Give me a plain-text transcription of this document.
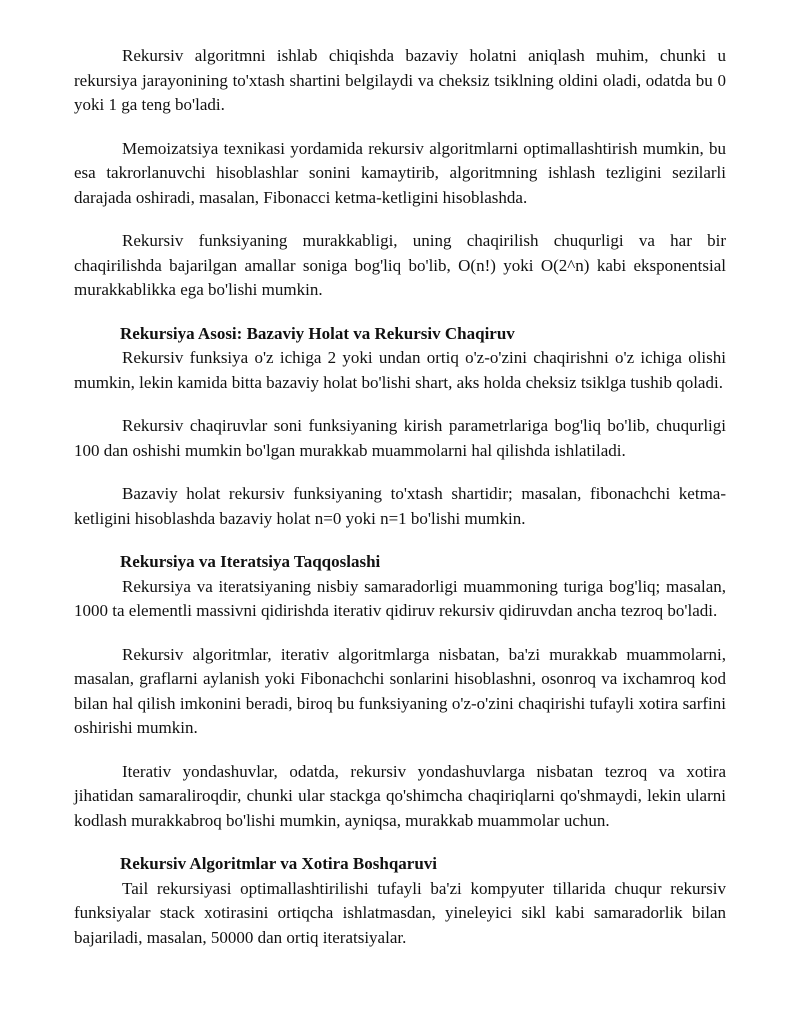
Rekursiv algoritmni ishlab chiqishda bazaviy holatni aniqlash muhim, chunki u rekursiya jarayonining to'xtash shartini belgilaydi va cheksiz tsiklning oldini oladi, odatda bu 0 yoki 1 ga teng bo'ladi.

Memoizatsiya texnikasi yordamida rekursiv algoritmlarni optimallashtirish mumkin, bu esa takrorlanuvchi hisoblashlar sonini kamaytirib, algoritmning ishlash tezligini sezilarli darajada oshiradi, masalan, Fibonacci ketma-ketligini hisoblashda.

Rekursiv funksiyaning murakkabligi, uning chaqirilish chuqurligi va har bir chaqirilishda bajarilgan amallar soniga bog'liq bo'lib, O(n!) yoki O(2^n) kabi eksponentsial murakkablikka ega bo'lishi mumkin.

Rekursiya Asosi: Bazaviy Holat va Rekursiv Chaqiruv

Rekursiv funksiya o'z ichiga 2 yoki undan ortiq o'z-o'zini chaqirishni o'z ichiga olishi mumkin, lekin kamida bitta bazaviy holat bo'lishi shart, aks holda cheksiz tsiklga tushib qoladi.

Rekursiv chaqiruvlar soni funksiyaning kirish parametrlariga bog'liq bo'lib, chuqurligi 100 dan oshishi mumkin bo'lgan murakkab muammolarni hal qilishda ishlatiladi.

Bazaviy holat rekursiv funksiyaning to'xtash shartidir; masalan, fibonachchi ketma-ketligini hisoblashda bazaviy holat n=0 yoki n=1 bo'lishi mumkin.

Rekursiya va Iteratsiya Taqqoslashi

Rekursiya va iteratsiyaning nisbiy samaradorligi muammoning turiga bog'liq; masalan, 1000 ta elementli massivni qidirishda iterativ qidiruv rekursiv qidiruvdan ancha tezroq bo'ladi.

Rekursiv algoritmlar, iterativ algoritmlarga nisbatan, ba'zi murakkab muammolarni, masalan, graflarni aylanish yoki Fibonachchi sonlarini hisoblashni, osonroq va ixchamroq kod bilan hal qilish imkonini beradi, biroq bu funksiyaning o'z-o'zini chaqirishi tufayli xotira sarfini oshirishi mumkin.

Iterativ yondashuvlar, odatda, rekursiv yondashuvlarga nisbatan tezroq va xotira jihatidan samaraliroqdir, chunki ular stackga qo'shimcha chaqiriqlarni qo'shmaydi, lekin ularni kodlash murakkabroq bo'lishi mumkin, ayniqsa, murakkab muammolar uchun.

Rekursiv Algoritmlar va Xotira Boshqaruvi

Tail rekursiyasi optimallashtirilishi tufayli ba'zi kompyuter tillarida chuqur rekursiv funksiyalar stack xotirasini ortiqcha ishlatmasdan, yineleyici sikl kabi samaradorlik bilan bajariladi, masalan, 50000 dan ortiq iteratsiyalar.
